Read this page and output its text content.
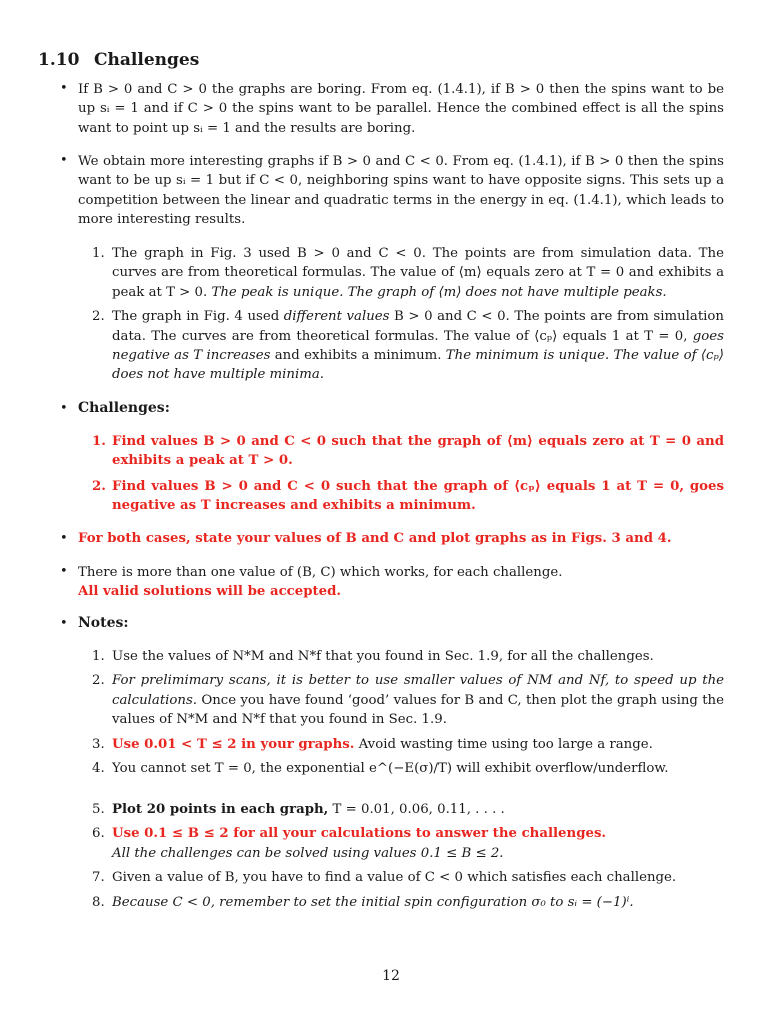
1.10 Challenges
• If B > 0 and C > 0 the graphs are boring. From eq. (1.4.1), if B > 0 then the spins want to be up sᵢ = 1 and if C > 0 the spins want to be parallel. Hence the combined effect is all the spins want to point up sᵢ = 1 and the results are boring.

• We obtain more interesting graphs if B > 0 and C < 0. From eq. (1.4.1), if B > 0 then the spins want to be up sᵢ = 1 but if C < 0, neighboring spins want to have opposite signs. This sets up a competition between the linear and quadratic terms in the energy in eq. (1.4.1), which leads to more interesting results.

1. The graph in Fig. 3 used B > 0 and C < 0. The points are from simulation data. The curves are from theoretical formulas. The value of ⟨m⟩ equals zero at T = 0 and exhibits a peak at T > 0. The peak is unique. The graph of ⟨m⟩ does not have multiple peaks.
2. The graph in Fig. 4 used different values B > 0 and C < 0. The points are from simulation data. The curves are from theoretical formulas. The value of ⟨cₚ⟩ equals 1 at T = 0, goes negative as T increases and exhibits a minimum. The minimum is unique. The value of ⟨cₚ⟩ does not have multiple minima.
• Challenges:

1. Find values B > 0 and C < 0 such that the graph of ⟨m⟩ equals zero at T = 0 and exhibits a peak at T > 0.
2. Find values B > 0 and C < 0 such that the graph of ⟨cₚ⟩ equals 1 at T = 0, goes negative as T increases and exhibits a minimum.
• For both cases, state your values of B and C and plot graphs as in Figs. 3 and 4.

• There is more than one value of (B, C) which works, for each challenge.
All valid solutions will be accepted.

• Notes:

1. Use the values of N*M and N*f that you found in Sec. 1.9, for all the challenges.
2. For prelimimary scans, it is better to use smaller values of NM and Nf, to speed up the calculations. Once you have found ‘good’ values for B and C, then plot the graph using the values of N*M and N*f that you found in Sec. 1.9.
3. Use 0.01 < T ≤ 2 in your graphs. Avoid wasting time using too large a range.
4. You cannot set T = 0, the exponential e^(−E(σ)/T) will exhibit overflow/underflow.
5. Plot 20 points in each graph, T = 0.01, 0.06, 0.11, . . . .
6. Use 0.1 ≤ B ≤ 2 for all your calculations to answer the challenges.
All the challenges can be solved using values 0.1 ≤ B ≤ 2.
7. Given a value of B, you have to find a value of C < 0 which satisfies each challenge.
8. Because C < 0, remember to set the initial spin configuration σ₀ to sᵢ = (−1)ⁱ.

12
